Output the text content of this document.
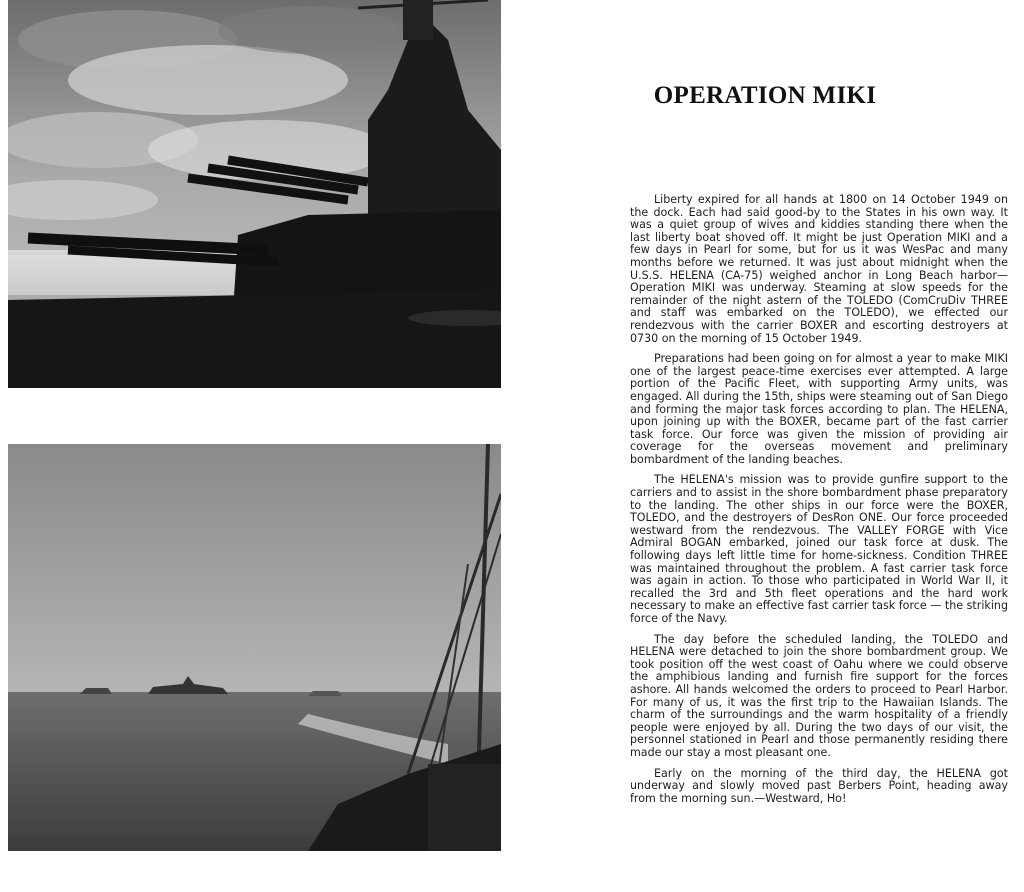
OPERATION MIKI

Liberty expired for all hands at 1800 on 14 October 1949 on the dock. Each had said good-by to the States in his own way. It was a quiet group of wives and kiddies standing there when the last liberty boat shoved off. It might be just Operation MIKI and a few days in Pearl for some, but for us it was WesPac and many months before we returned. It was just about midnight when the U.S.S. HELENA (CA-75) weighed anchor in Long Beach harbor—Operation MIKI was underway. Steaming at slow speeds for the remainder of the night astern of the TOLEDO (ComCruDiv THREE and staff was embarked on the TOLEDO), we effected our rendezvous with the carrier BOXER and escorting destroyers at 0730 on the morning of 15 October 1949.

Preparations had been going on for almost a year to make MIKI one of the largest peace-time exercises ever attempted. A large portion of the Pacific Fleet, with supporting Army units, was engaged. All during the 15th, ships were steaming out of San Diego and forming the major task forces according to plan. The HELENA, upon joining up with the BOXER, became part of the fast carrier task force. Our force was given the mission of providing air coverage for the overseas movement and preliminary bombardment of the landing beaches.

The HELENA's mission was to provide gunfire support to the carriers and to assist in the shore bombardment phase preparatory to the landing. The other ships in our force were the BOXER, TOLEDO, and the destroyers of DesRon ONE. Our force proceeded westward from the rendezvous. The VALLEY FORGE with Vice Admiral BOGAN embarked, joined our task force at dusk. The following days left little time for home-sickness. Condition THREE was maintained throughout the problem. A fast carrier task force was again in action. To those who participated in World War II, it recalled the 3rd and 5th fleet operations and the hard work necessary to make an effective fast carrier task force — the striking force of the Navy.

The day before the scheduled landing, the TOLEDO and HELENA were detached to join the shore bombardment group. We took position off the west coast of Oahu where we could observe the amphibious landing and furnish fire support for the forces ashore. All hands welcomed the orders to proceed to Pearl Harbor. For many of us, it was the first trip to the Hawaiian Islands. The charm of the surroundings and the warm hospitality of a friendly people were enjoyed by all. During the two days of our visit, the personnel stationed in Pearl and those permanently residing there made our stay a most pleasant one.

Early on the morning of the third day, the HELENA got underway and slowly moved past Berbers Point, heading away from the morning sun.—Westward, Ho!
